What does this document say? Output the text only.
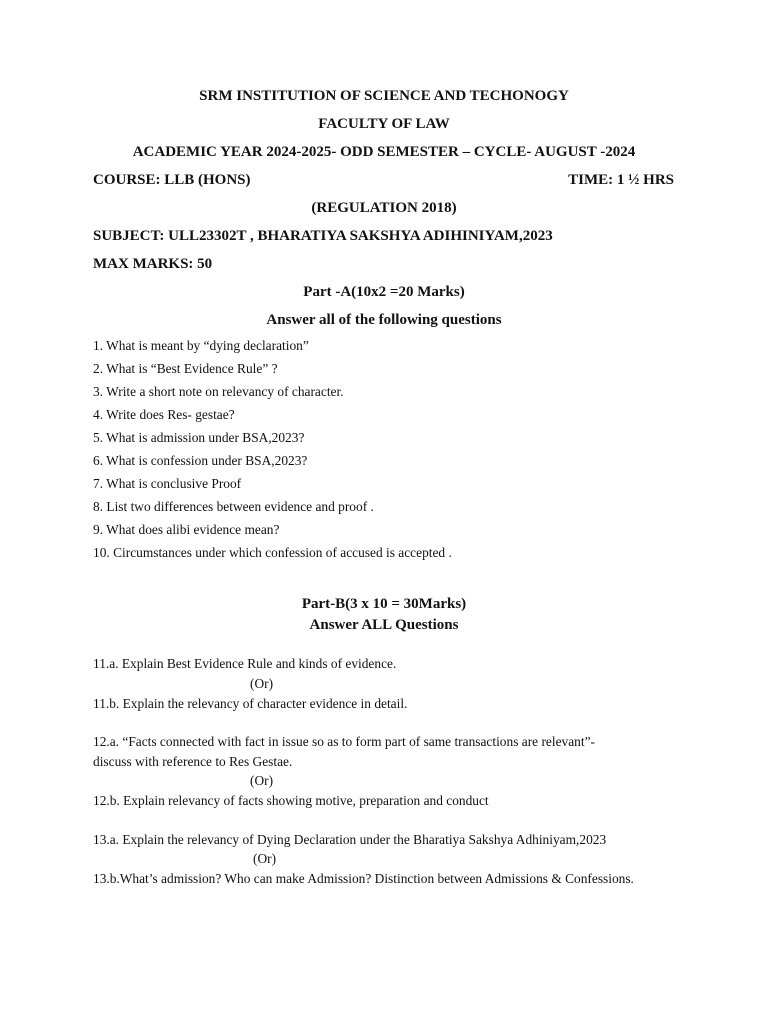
SRM INSTITUTION OF SCIENCE AND TECHONOGY
FACULTY OF LAW
ACADEMIC YEAR 2024-2025- ODD SEMESTER – CYCLE- AUGUST -2024
COURSE: LLB (HONS)	TIME: 1 ½ HRS
(REGULATION 2018)
SUBJECT: ULL23302T , BHARATIYA SAKSHYA ADIHINIYAM,2023
MAX MARKS: 50
Part -A(10x2 =20 Marks)
Answer all of the following questions
1. What is meant by “dying declaration”
2. What is “Best Evidence Rule” ?
3. Write a short note on relevancy of character.
4. Write does Res- gestae?
5. What is admission under BSA,2023?
6. What is confession under BSA,2023?
7. What is conclusive Proof
8. List two differences between evidence and proof .
9. What does alibi evidence mean?
10. Circumstances under which confession of accused is accepted .
Part-B(3 x 10 = 30Marks)
Answer ALL Questions
11.a. Explain Best Evidence Rule and kinds of evidence.
(Or)
11.b. Explain the relevancy of character evidence in detail.
12.a. “Facts connected with fact in issue so as to form part of same transactions are relevant”-
discuss with reference to Res Gestae.
(Or)
12.b. Explain relevancy of facts showing motive, preparation and conduct
13.a. Explain the relevancy of Dying Declaration under the Bharatiya Sakshya Adhiniyam,2023
(Or)
13.b.What’s admission? Who can make Admission? Distinction between Admissions & Confessions.
